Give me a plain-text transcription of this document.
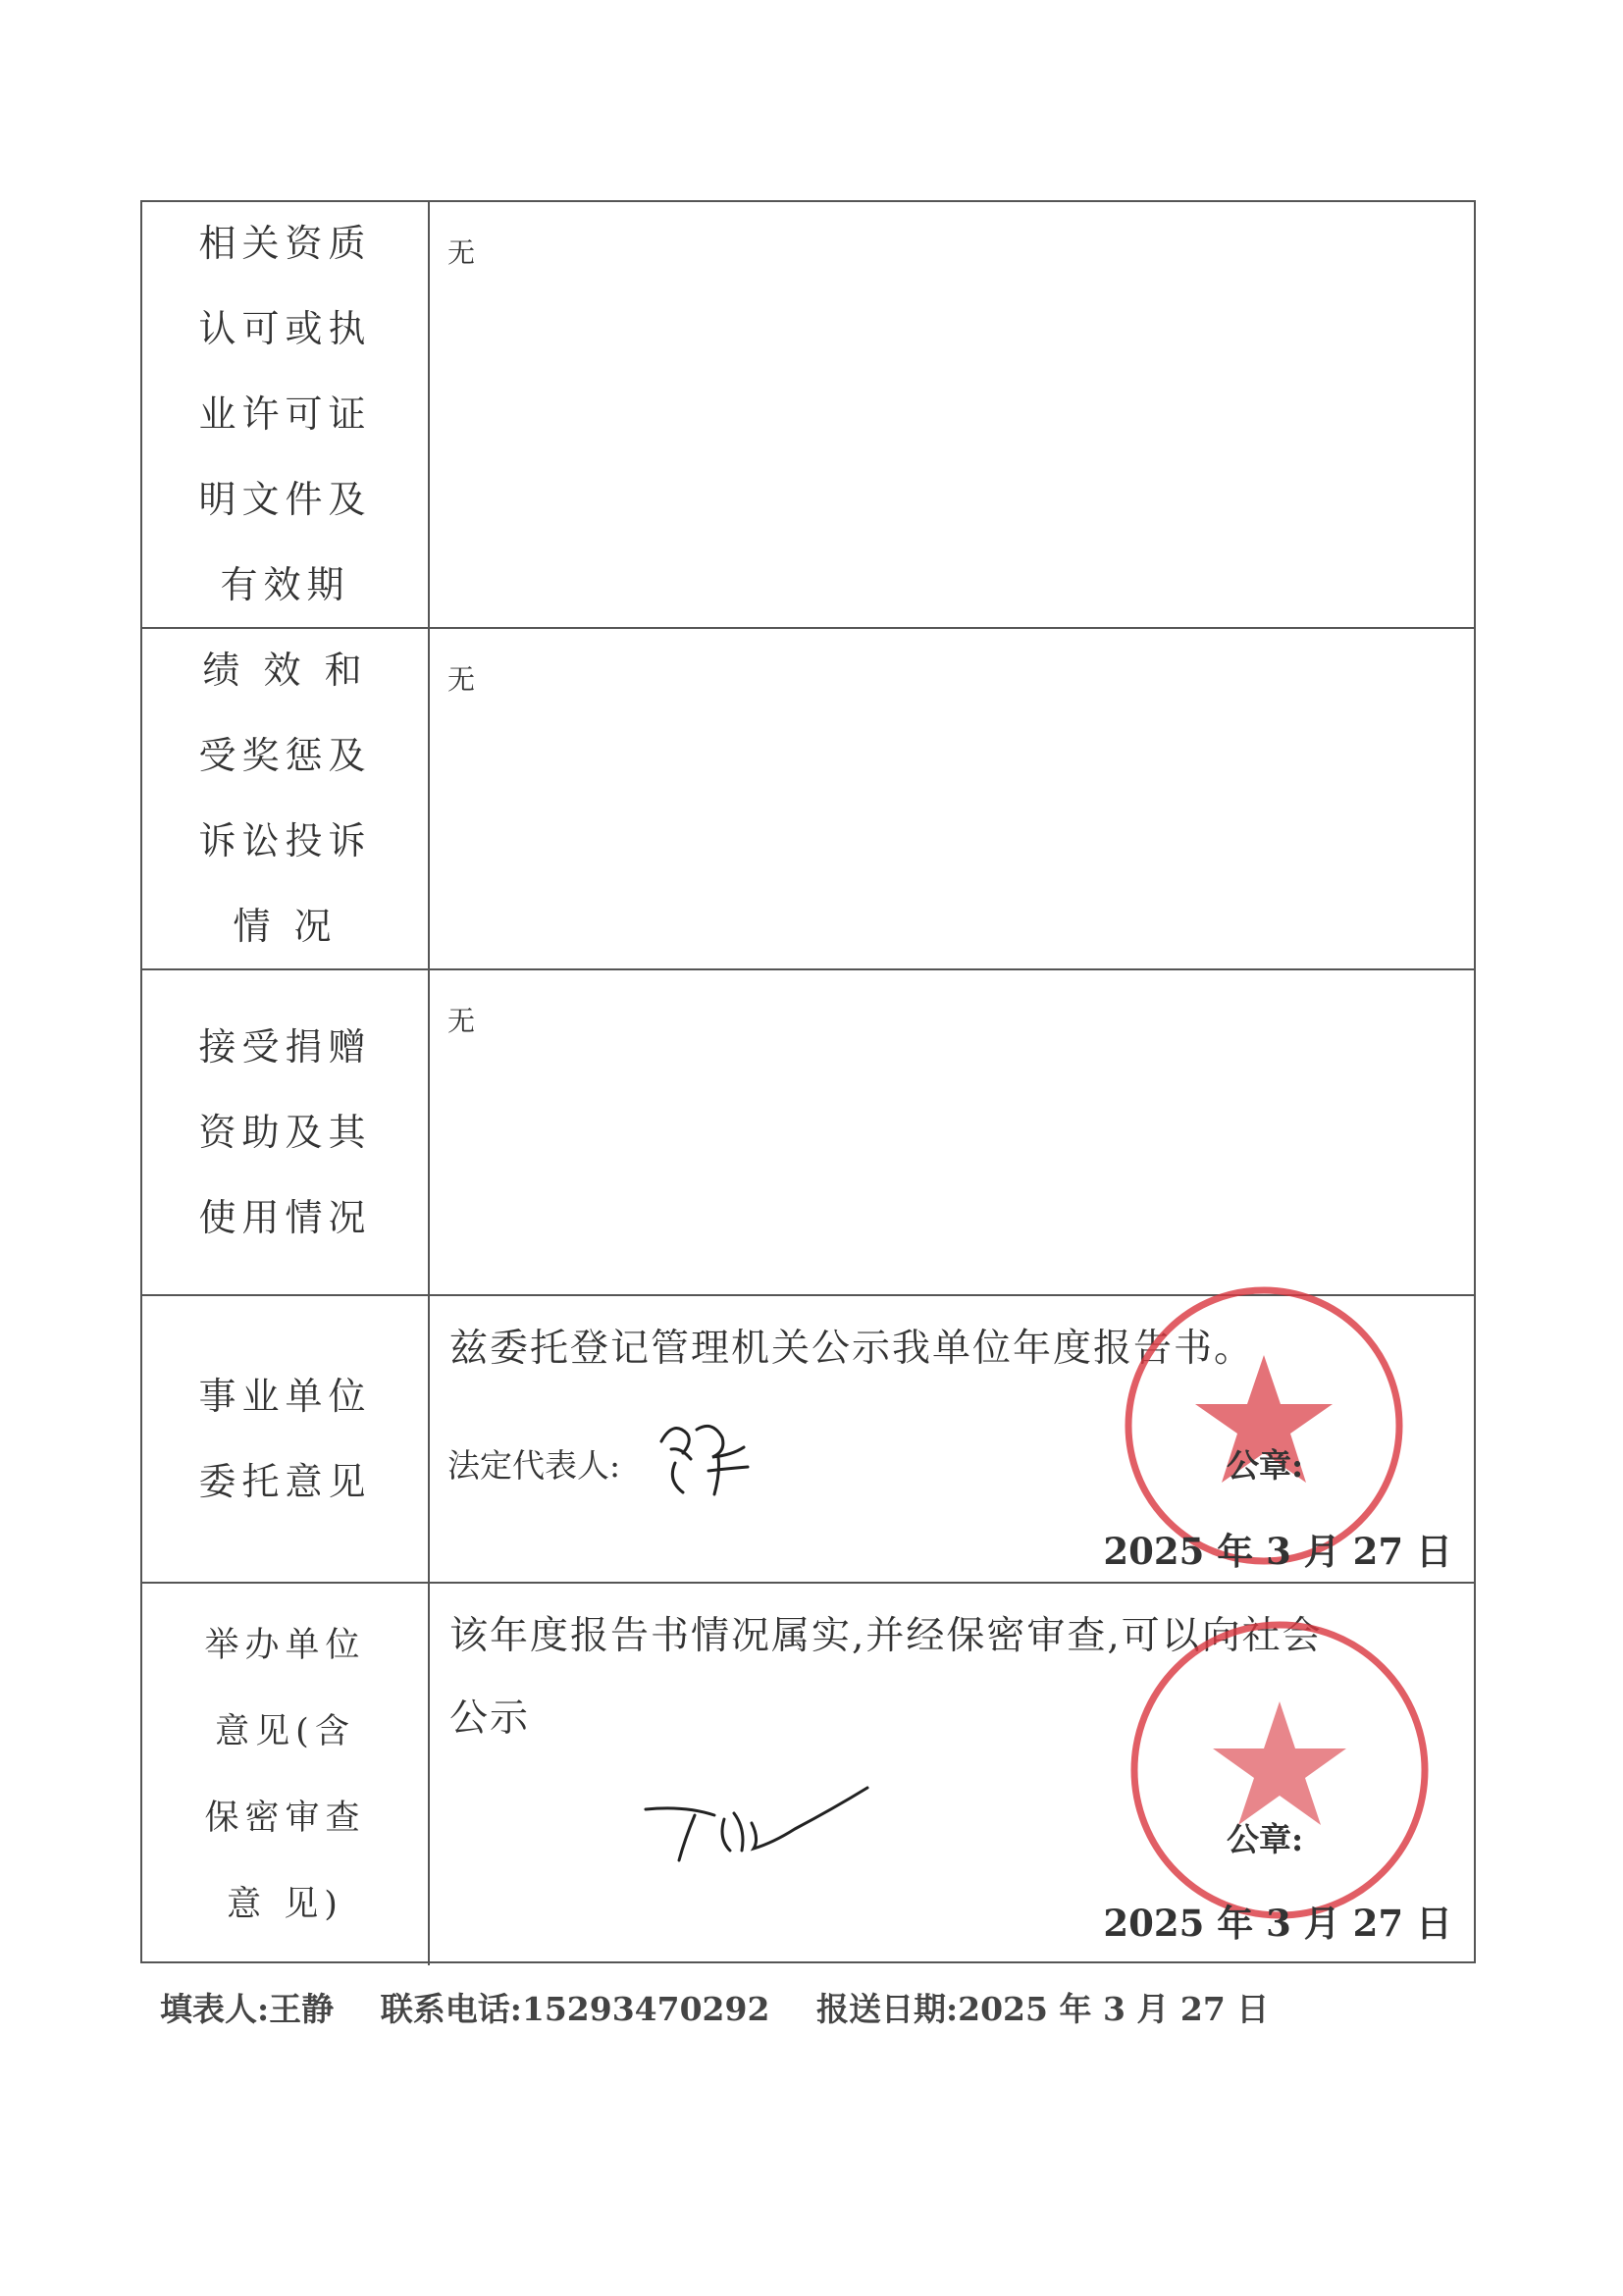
相关资质
认可或执
业许可证
明文件及
有效期
无
绩 效 和
受奖惩及
诉讼投诉
情 况
无
接受捐赠
资助及其
使用情况
无
事业单位
委托意见
兹委托登记管理机关公示我单位年度报告书。
法定代表人:	公章:
2025 年 3 月 27 日
举办单位
意见(含
保密审查
意 见)
该年度报告书情况属实,并经保密审查,可以向社会
公示
公章:
2025 年 3 月 27 日
填表人:王静 联系电话:15293470292 报送日期:2025 年 3 月 27 日
